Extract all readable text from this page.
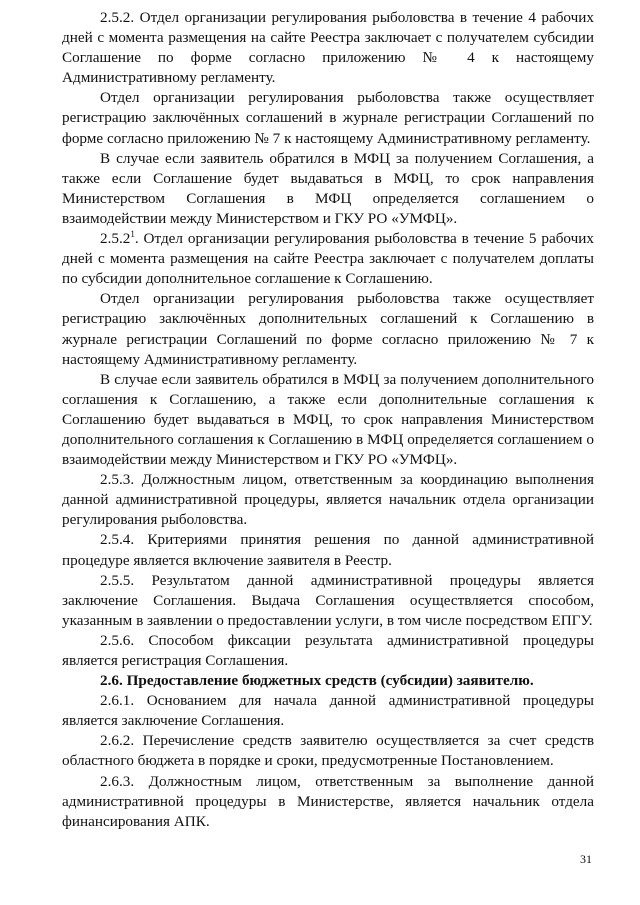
2.5.2. Отдел организации регулирования рыболовства в течение 4 рабочих дней с момента размещения на сайте Реестра заключает с получателем субсидии Соглашение по форме согласно приложению № 4 к настоящему Административному регламенту.

Отдел организации регулирования рыболовства также осуществляет регистрацию заключённых соглашений в журнале регистрации Соглашений по форме согласно приложению № 7 к настоящему Административному регламенту.

В случае если заявитель обратился в МФЦ за получением Соглашения, а также если Соглашение будет выдаваться в МФЦ, то срок направления Министерством Соглашения в МФЦ определяется соглашением о взаимодействии между Министерством и ГКУ РО «УМФЦ».

2.5.2$^1$. Отдел организации регулирования рыболовства в течение 5 рабочих дней с момента размещения на сайте Реестра заключает с получателем доплаты по субсидии дополнительное соглашение к Соглашению.

Отдел организации регулирования рыболовства также осуществляет регистрацию заключённых дополнительных соглашений к Соглашению в журнале регистрации Соглашений по форме согласно приложению № 7 к настоящему Административному регламенту.

В случае если заявитель обратился в МФЦ за получением дополнительного соглашения к Соглашению, а также если дополнительные соглашения к Соглашению будет выдаваться в МФЦ, то срок направления Министерством дополнительного соглашения к Соглашению в МФЦ определяется соглашением о взаимодействии между Министерством и ГКУ РО «УМФЦ».

2.5.3. Должностным лицом, ответственным за координацию выполнения данной административной процедуры, является начальник отдела организации регулирования рыболовства.

2.5.4. Критериями принятия решения по данной административной процедуре является включение заявителя в Реестр.

2.5.5. Результатом данной административной процедуры является заключение Соглашения. Выдача Соглашения осуществляется способом, указанным в заявлении о предоставлении услуги, в том числе посредством ЕПГУ.

2.5.6. Способом фиксации результата административной процедуры является регистрация Соглашения.

2.6. Предоставление бюджетных средств (субсидии) заявителю.

2.6.1. Основанием для начала данной административной процедуры является заключение Соглашения.

2.6.2. Перечисление средств заявителю осуществляется за счет средств областного бюджета в порядке и сроки, предусмотренные Постановлением.

2.6.3. Должностным лицом, ответственным за выполнение данной административной процедуры в Министерстве, является начальник отдела финансирования АПК.

31
